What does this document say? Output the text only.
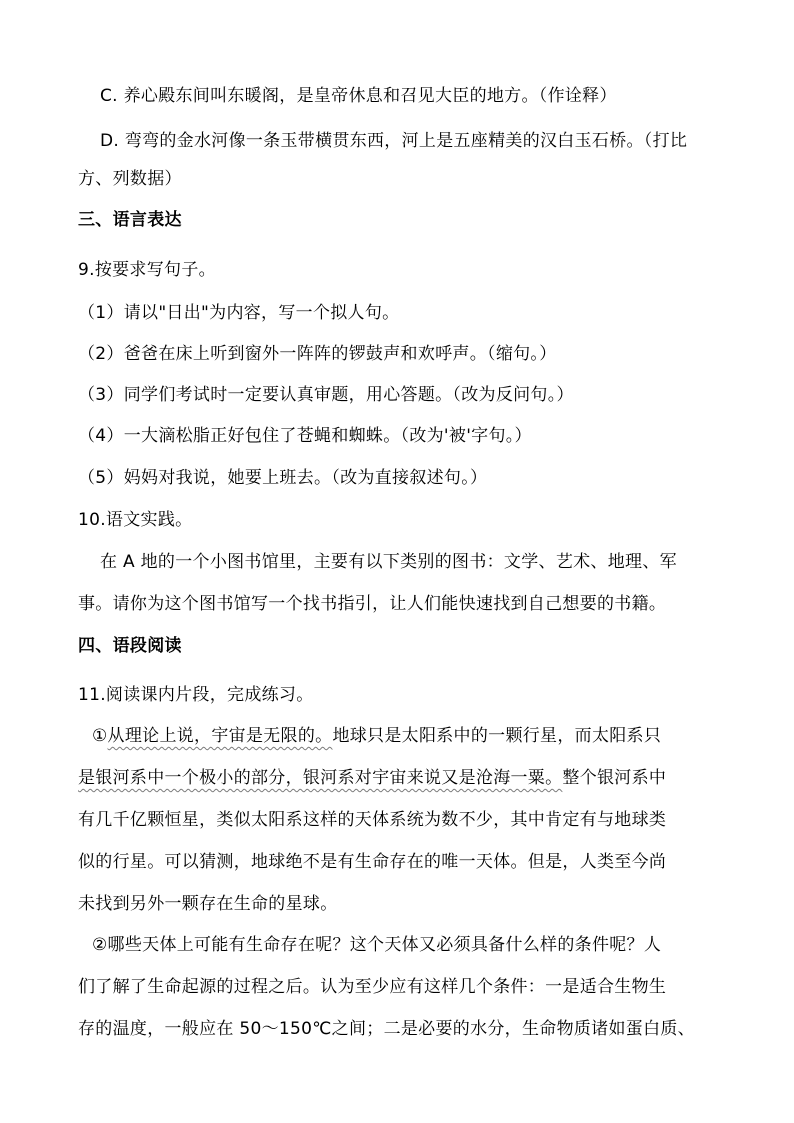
C. 养心殿东间叫东暖阁，是皇帝休息和召见大臣的地方。（作诠释）
D. 弯弯的金水河像一条玉带横贯东西，河上是五座精美的汉白玉石桥。（打比
方、列数据）
三、语言表达
9.按要求写句子。
（1）请以"日出"为内容，写一个拟人句。
（2）爸爸在床上听到窗外一阵阵的锣鼓声和欢呼声。（缩句。）
（3）同学们考试时一定要认真审题，用心答题。（改为反问句。）
（4）一大滴松脂正好包住了苍蝇和蜘蛛。（改为'被'字句。）
（5）妈妈对我说，她要上班去。（改为直接叙述句。）
10.语文实践。
在 A 地的一个小图书馆里，主要有以下类别的图书：文学、艺术、地理、军
事。请你为这个图书馆写一个找书指引，让人们能快速找到自己想要的书籍。
四、语段阅读
11.阅读课内片段，完成练习。
①从理论上说，宇宙是无限的。地球只是太阳系中的一颗行星，而太阳系只
是银河系中一个极小的部分，银河系对宇宙来说又是沧海一粟。整个银河系中
有几千亿颗恒星，类似太阳系这样的天体系统为数不少，其中肯定有与地球类
似的行星。可以猜测，地球绝不是有生命存在的唯一天体。但是，人类至今尚
未找到另外一颗存在生命的星球。
②哪些天体上可能有生命存在呢？这个天体又必须具备什么样的条件呢？人
们了解了生命起源的过程之后。认为至少应有这样几个条件：一是适合生物生
存的温度，一般应在 50～150℃之间；二是必要的水分，生命物质诸如蛋白质、
